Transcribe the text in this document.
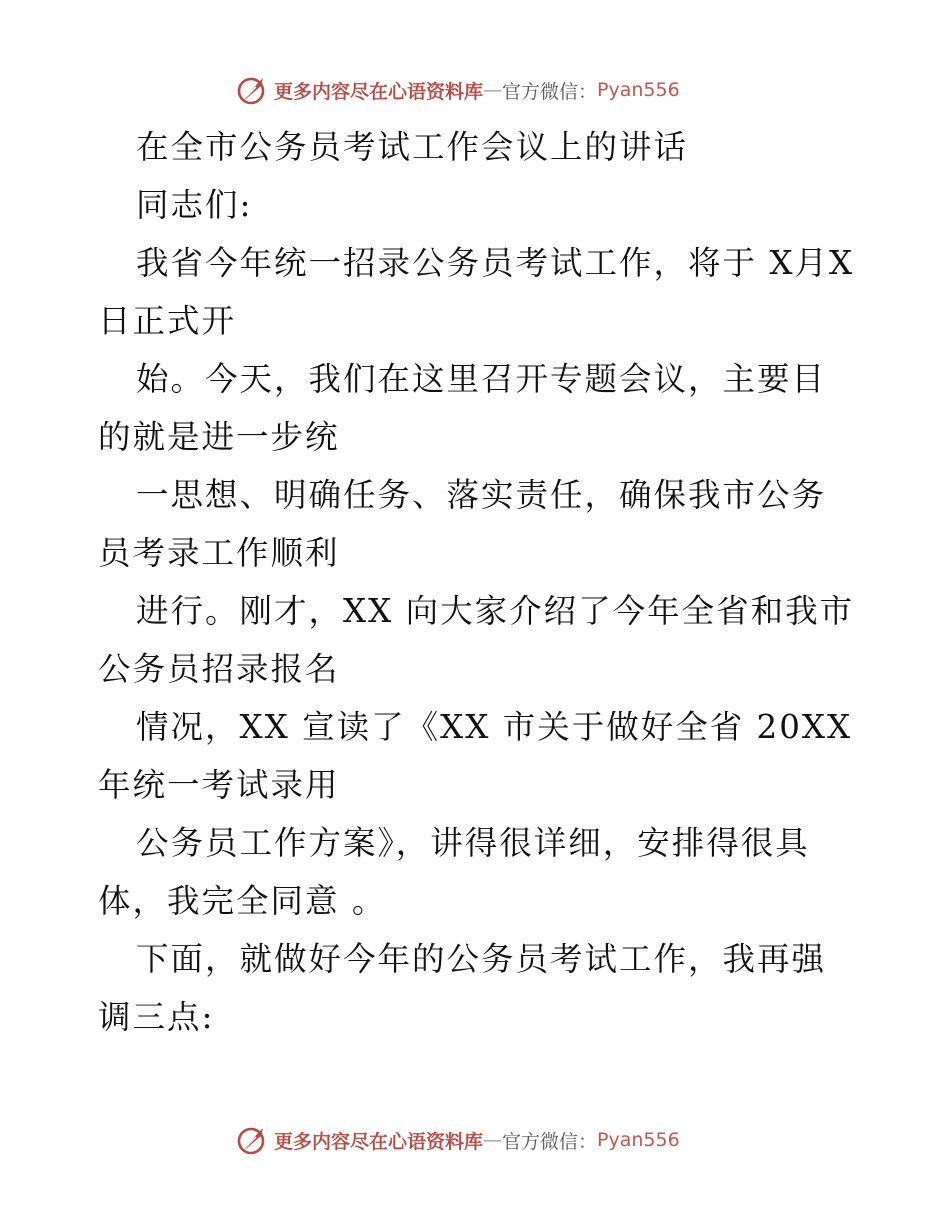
更多内容尽在心语资料库 — 官方微信： Pyan556

在全市公务员考试工作会议上的讲话

同志们:

我省今年统一招录公务员考试工作，将于 X月X日正式开

始。今天，我们在这里召开专题会议，主要目的就是进一步统

一思想、明确任务、落实责任，确保我市公务员考录工作顺利

进行。刚才，XX 向大家介绍了今年全省和我市公务员招录报名

情况，XX 宣读了《XX 市关于做好全省 20XX 年统一考试录用

公务员工作方案》，讲得很详细，安排得很具体，我完全同意 。

下面，就做好今年的公务员考试工作，我再强调三点:

更多内容尽在心语资料库 — 官方微信： Pyan556
